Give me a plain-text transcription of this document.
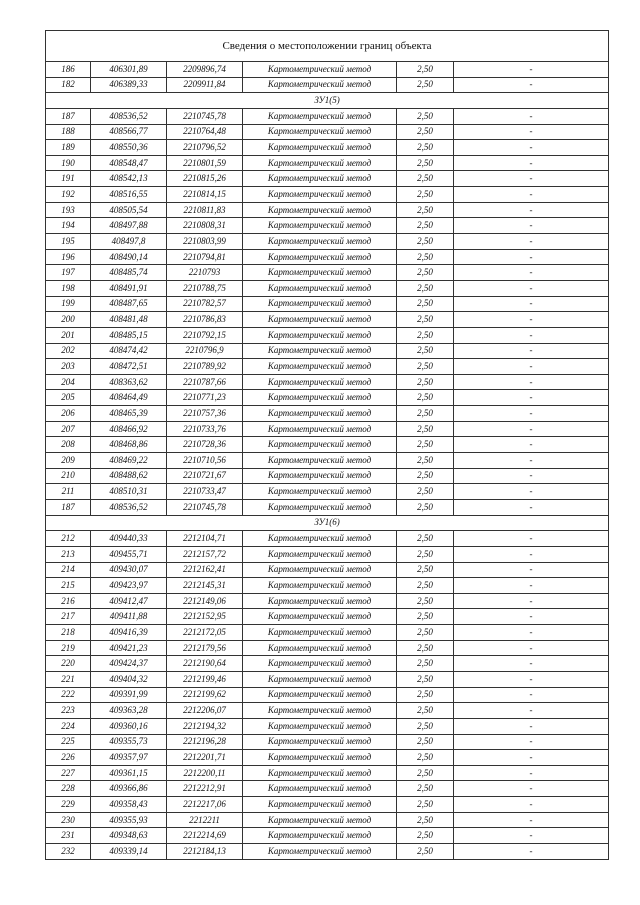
Сведения о местоположении границ объекта					
186	406301,89	2209896,74	Картометрический метод	2,50	-
182	406389,33	2209911,84	Картометрический метод	2,50	-
ЗУ1(5)					
187	408536,52	2210745,78	Картометрический метод	2,50	-
188	408566,77	2210764,48	Картометрический метод	2,50	-
189	408550,36	2210796,52	Картометрический метод	2,50	-
190	408548,47	2210801,59	Картометрический метод	2,50	-
191	408542,13	2210815,26	Картометрический метод	2,50	-
192	408516,55	2210814,15	Картометрический метод	2,50	-
193	408505,54	2210811,83	Картометрический метод	2,50	-
194	408497,88	2210808,31	Картометрический метод	2,50	-
195	408497,8	2210803,99	Картометрический метод	2,50	-
196	408490,14	2210794,81	Картометрический метод	2,50	-
197	408485,74	2210793	Картометрический метод	2,50	-
198	408491,91	2210788,75	Картометрический метод	2,50	-
199	408487,65	2210782,57	Картометрический метод	2,50	-
200	408481,48	2210786,83	Картометрический метод	2,50	-
201	408485,15	2210792,15	Картометрический метод	2,50	-
202	408474,42	2210796,9	Картометрический метод	2,50	-
203	408472,51	2210789,92	Картометрический метод	2,50	-
204	408363,62	2210787,66	Картометрический метод	2,50	-
205	408464,49	2210771,23	Картометрический метод	2,50	-
206	408465,39	2210757,36	Картометрический метод	2,50	-
207	408466,92	2210733,76	Картометрический метод	2,50	-
208	408468,86	2210728,36	Картометрический метод	2,50	-
209	408469,22	2210710,56	Картометрический метод	2,50	-
210	408488,62	2210721,67	Картометрический метод	2,50	-
211	408510,31	2210733,47	Картометрический метод	2,50	-
187	408536,52	2210745,78	Картометрический метод	2,50	-
ЗУ1(6)					
212	409440,33	2212104,71	Картометрический метод	2,50	-
213	409455,71	2212157,72	Картометрический метод	2,50	-
214	409430,07	2212162,41	Картометрический метод	2,50	-
215	409423,97	2212145,31	Картометрический метод	2,50	-
216	409412,47	2212149,06	Картометрический метод	2,50	-
217	409411,88	2212152,95	Картометрический метод	2,50	-
218	409416,39	2212172,05	Картометрический метод	2,50	-
219	409421,23	2212179,56	Картометрический метод	2,50	-
220	409424,37	2212190,64	Картометрический метод	2,50	-
221	409404,32	2212199,46	Картометрический метод	2,50	-
222	409391,99	2212199,62	Картометрический метод	2,50	-
223	409363,28	2212206,07	Картометрический метод	2,50	-
224	409360,16	2212194,32	Картометрический метод	2,50	-
225	409355,73	2212196,28	Картометрический метод	2,50	-
226	409357,97	2212201,71	Картометрический метод	2,50	-
227	409361,15	2212200,11	Картометрический метод	2,50	-
228	409366,86	2212212,91	Картометрический метод	2,50	-
229	409358,43	2212217,06	Картометрический метод	2,50	-
230	409355,93	2212211	Картометрический метод	2,50	-
231	409348,63	2212214,69	Картометрический метод	2,50	-
232	409339,14	2212184,13	Картометрический метод	2,50	-
